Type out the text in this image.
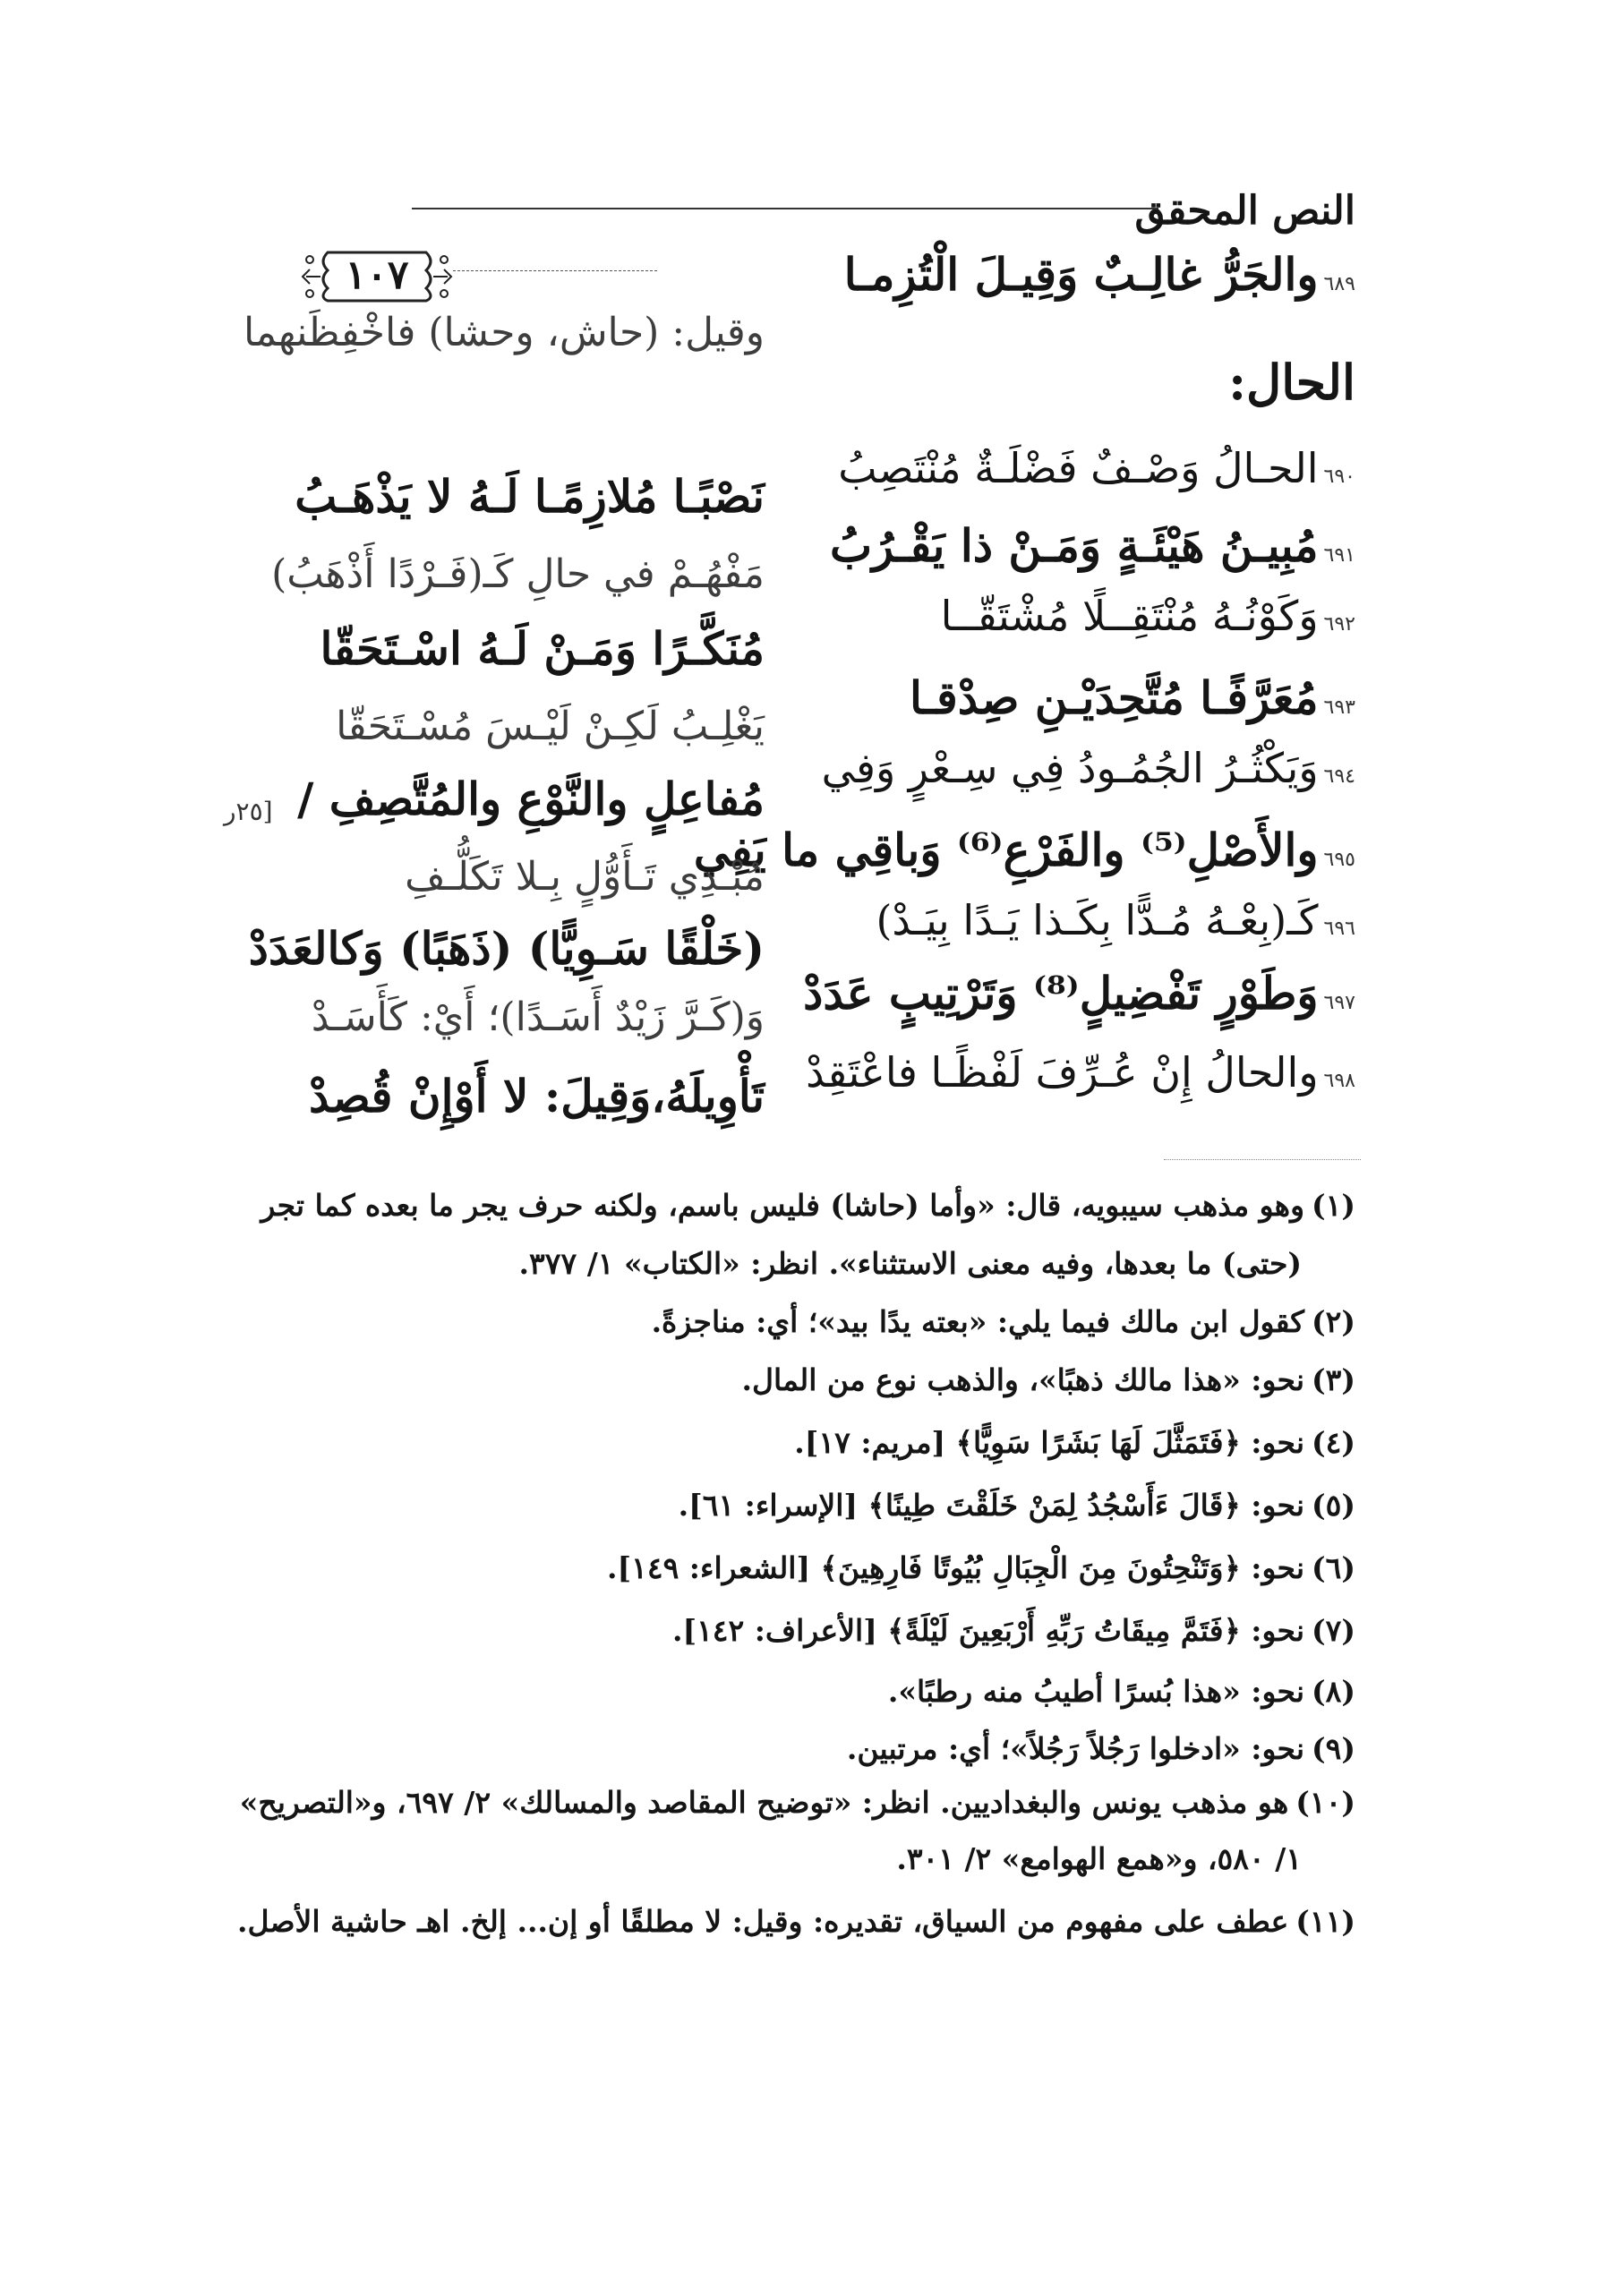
النص المحقق
١٠٧	٦٨٩والجَرُّ غالِـبٌ وَقِيـلَ الْتُزِمـا
وقيل: (حاش، وحشا) فاخْفِظَنهما
الحال:
٦٩٠الحـالُ وَصْـفٌ فَضْلَـةٌ مُنْتَصِبُ
نَصْبًـا مُلازِمًـا لَـهُ لا يَذْهَـبُ
٦٩١مُبِيـنُ هَيْئَـةٍ وَمَـنْ ذا يَقْـرُبُ
مَفْهُـمْ في حالِ كَـ(فَـرْدًا أَذْهَبُ)
٦٩٢وَكَوْنُـهُ مُنْتَقِــلًا مُشْتَقّــا
مُنَكَّـرًا وَمَـنْ لَـهُ اسْـتَحَقّا
٦٩٣مُعَرَّفًـا مُتَّحِدَيْـنِ صِدْقـا
يَغْلِـبُ لَكِـنْ لَيْـسَ مُسْـتَحَقّا
٦٩٤وَيَكْثُـرُ الجُمُـودُ فِي سِـعْرٍ وَفِي
مُفاعِلٍ والنَّوْعِ والمُتَّصِفِ /
[٢٥ر
٦٩٥والأَصْلِ⁽⁵⁾ والفَرْعِ⁽⁶⁾ وَباقِي ما يَفِي
مُبْـدِي تَـأَوُّلٍ بِـلا تَكَلُّـفِ
٦٩٦كَـ(بِعْـهُ مُـدًّا بِكَـذا يَـدًا بِيَـدْ)
(خَلْقًا سَـوِيًّا) (ذَهَبًا) وَكالعَدَدْ
٦٩٧وَطَوْرٍ تَفْضِيلٍ⁽⁸⁾ وَتَرْتِيبٍ عَدَدْ
وَ(كَـرَّ زَيْدٌ أَسَـدًا)؛ أَيْ: كَأَسَـدْ
٦٩٨والحالُ إِنْ عُـرِّفَ لَفْظًـا فاعْتَقِدْ
تَأْوِيلَهُ،وَقِيلَ: لا أَوْإِنْ قُصِدْ
(١)وهو مذهب سيبويه، قال: «وأما (حاشا) فليس باسم، ولكنه حرف يجر ما بعده كما تجر
(حتى) ما بعدها، وفيه معنى الاستثناء». انظر: «الكتاب» ١/ ٣٧٧.
(٢)كقول ابن مالك فيما يلي: «بعته يدًا بيد»؛ أي: مناجزةً.
(٣)نحو: «هذا مالك ذهبًا»، والذهب نوع من المال.
(٤)نحو: ﴿فَتَمَثَّلَ لَهَا بَشَرًا سَوِيًّا﴾ [مريم: ١٧].
(٥)نحو: ﴿قَالَ ءَأَسْجُدُ لِمَنْ خَلَقْتَ طِينًا﴾ [الإسراء: ٦١].
(٦)نحو: ﴿وَتَنْحِتُونَ مِنَ الْجِبَالِ بُيُوتًا فَارِهِينَ﴾ [الشعراء: ١٤٩].
(٧)نحو: ﴿فَتَمَّ مِيقَاتُ رَبِّهِ أَرْبَعِينَ لَيْلَةً﴾ [الأعراف: ١٤٢].
(٨)نحو: «هذا بُسرًا أطيبُ منه رطبًا».
(٩)نحو: «ادخلوا رَجُلاً رَجُلاً»؛ أي: مرتبين.
(١٠)هو مذهب يونس والبغداديين. انظر: «توضيح المقاصد والمسالك» ٢/ ٦٩٧، و«التصريح»
١/ ٥٨٠، و«همع الهوامع» ٢/ ٣٠١.
(١١)عطف على مفهوم من السياق، تقديره: وقيل: لا مطلقًا أو إن... إلخ. اهـ حاشية الأصل.
